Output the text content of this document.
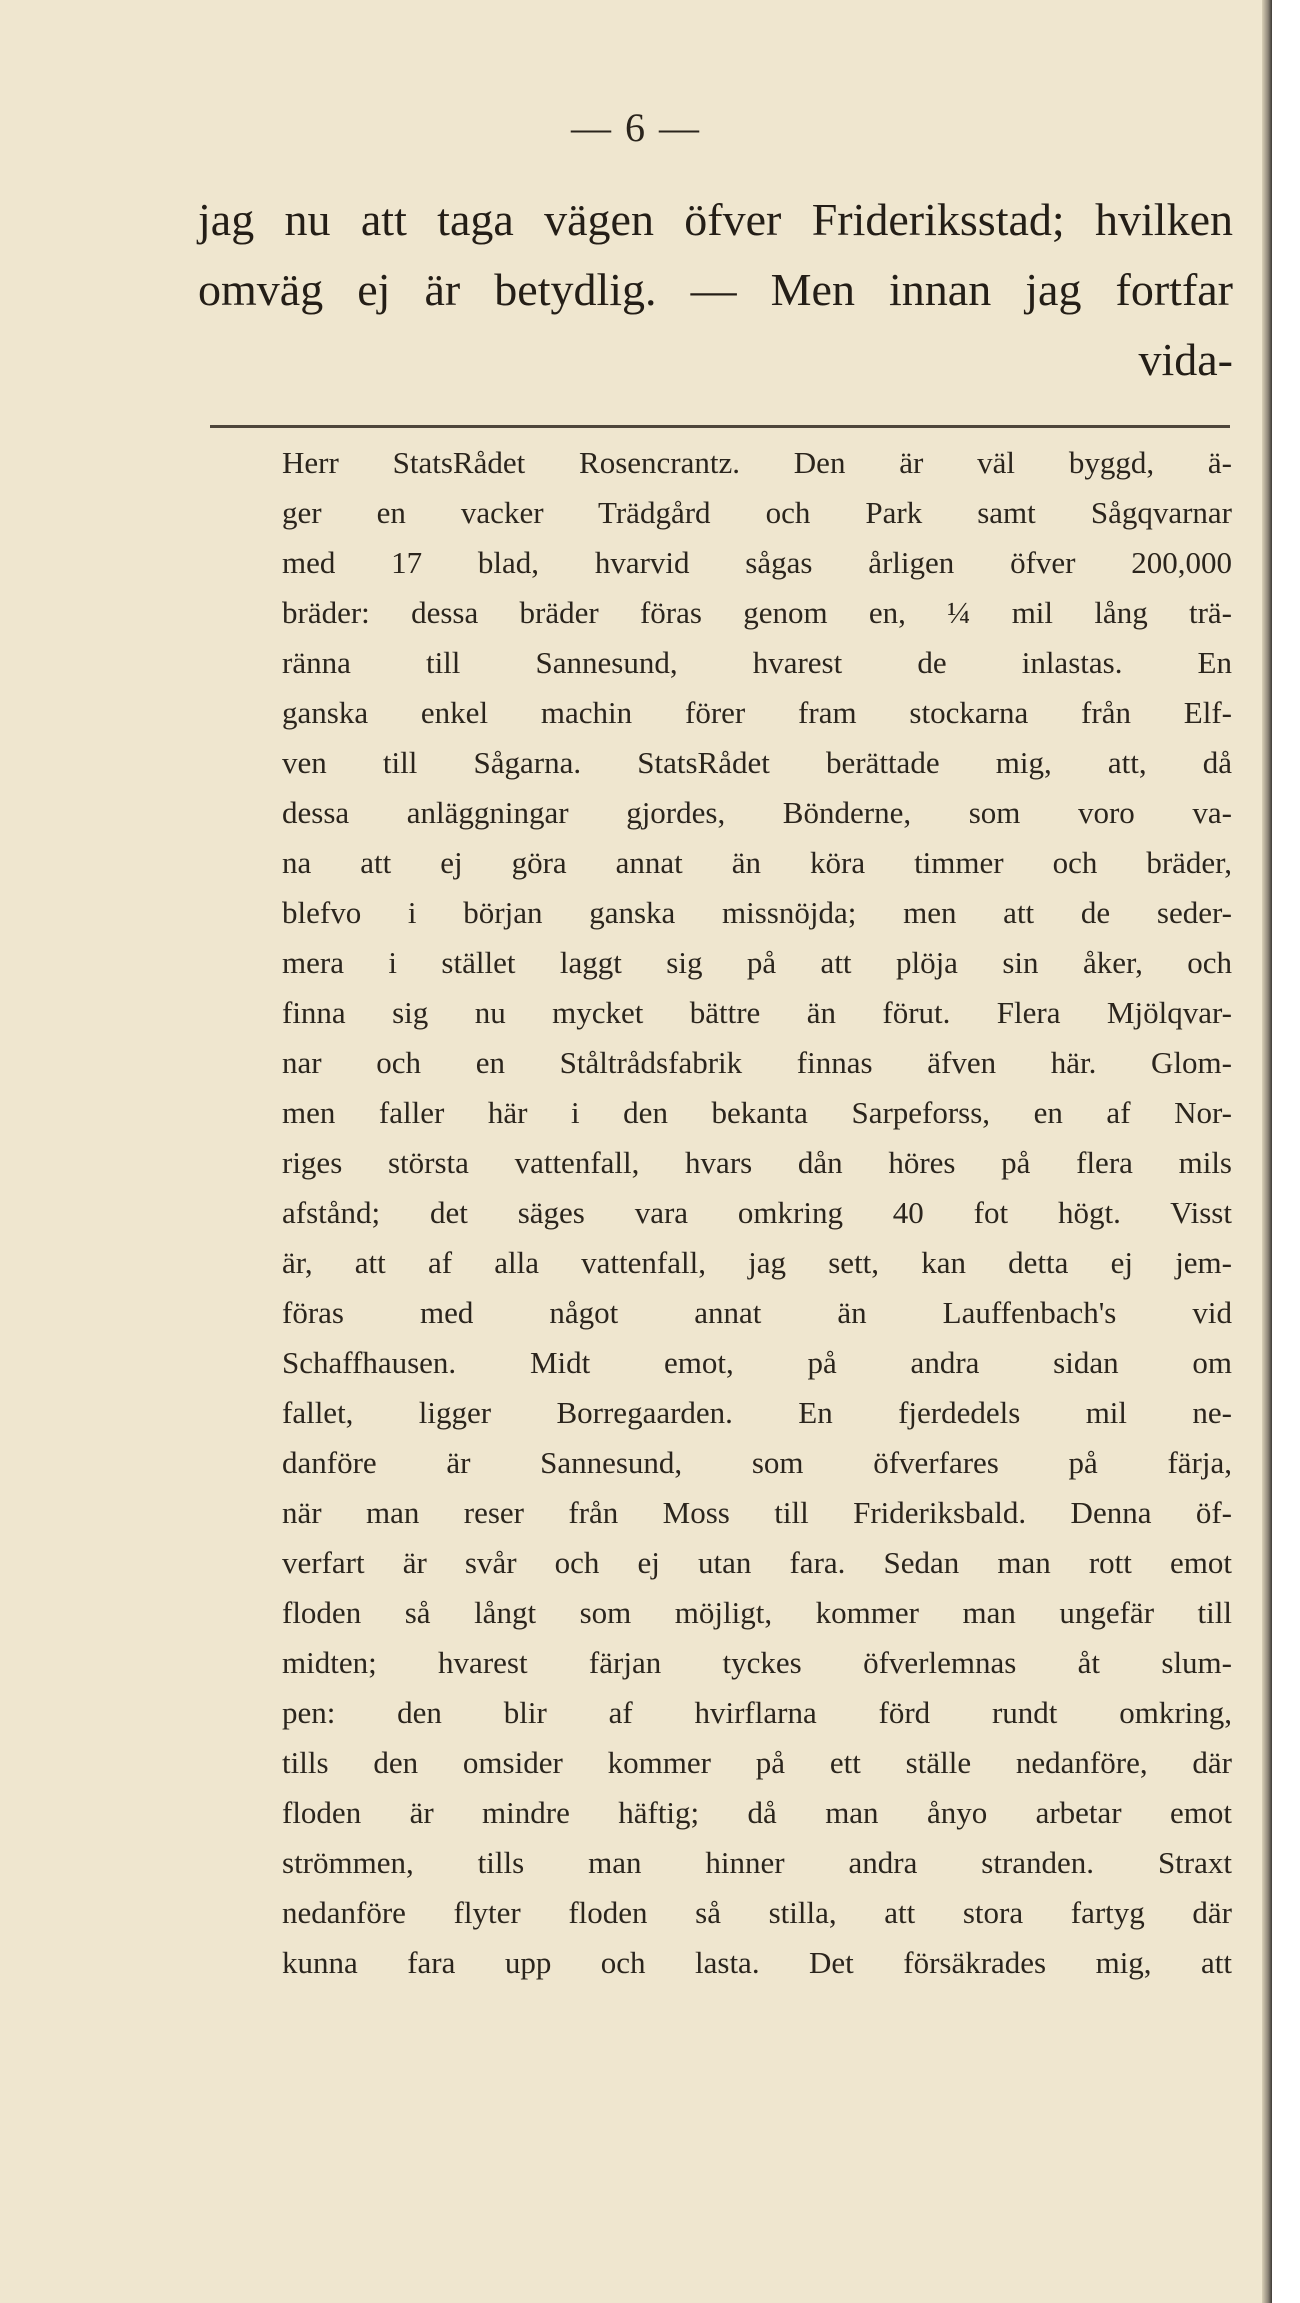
— 6 —
jag nu att taga vägen öfver Frideriksstad; hvilken
omväg ej är betydlig. — Men innan jag fortfar
vida-
Herr StatsRådet Rosencrantz. Den är väl byggd, ä-
ger en vacker Trädgård och Park samt Sågqvarnar
med 17 blad, hvarvid sågas årligen öfver 200,000
bräder: dessa bräder föras genom en, ¼ mil lång trä-
ränna till Sannesund, hvarest de inlastas. En
ganska enkel machin förer fram stockarna från Elf-
ven till Sågarna. StatsRådet berättade mig, att, då
dessa anläggningar gjordes, Bönderne, som voro va-
na att ej göra annat än köra timmer och bräder,
blefvo i början ganska missnöjda; men att de seder-
mera i stället laggt sig på att plöja sin åker, och
finna sig nu mycket bättre än förut. Flera Mjölqvar-
nar och en Ståltrådsfabrik finnas äfven här. Glom-
men faller här i den bekanta Sarpeforss, en af Nor-
riges största vattenfall, hvars dån höres på flera mils
afstånd; det säges vara omkring 40 fot högt. Visst
är, att af alla vattenfall, jag sett, kan detta ej jem-
föras med något annat än Lauffenbach's vid
Schaffhausen. Midt emot, på andra sidan om
fallet, ligger Borregaarden. En fjerdedels mil ne-
danföre är Sannesund, som öfverfares på färja,
när man reser från Moss till Frideriksbald. Denna öf-
verfart är svår och ej utan fara. Sedan man rott emot
floden så långt som möjligt, kommer man ungefär till
midten; hvarest färjan tyckes öfverlemnas åt slum-
pen: den blir af hvirflarna förd rundt omkring,
tills den omsider kommer på ett ställe nedanföre, där
floden är mindre häftig; då man ånyo arbetar emot
strömmen, tills man hinner andra stranden. Straxt
nedanföre flyter floden så stilla, att stora fartyg där
kunna fara upp och lasta. Det försäkrades mig, att
